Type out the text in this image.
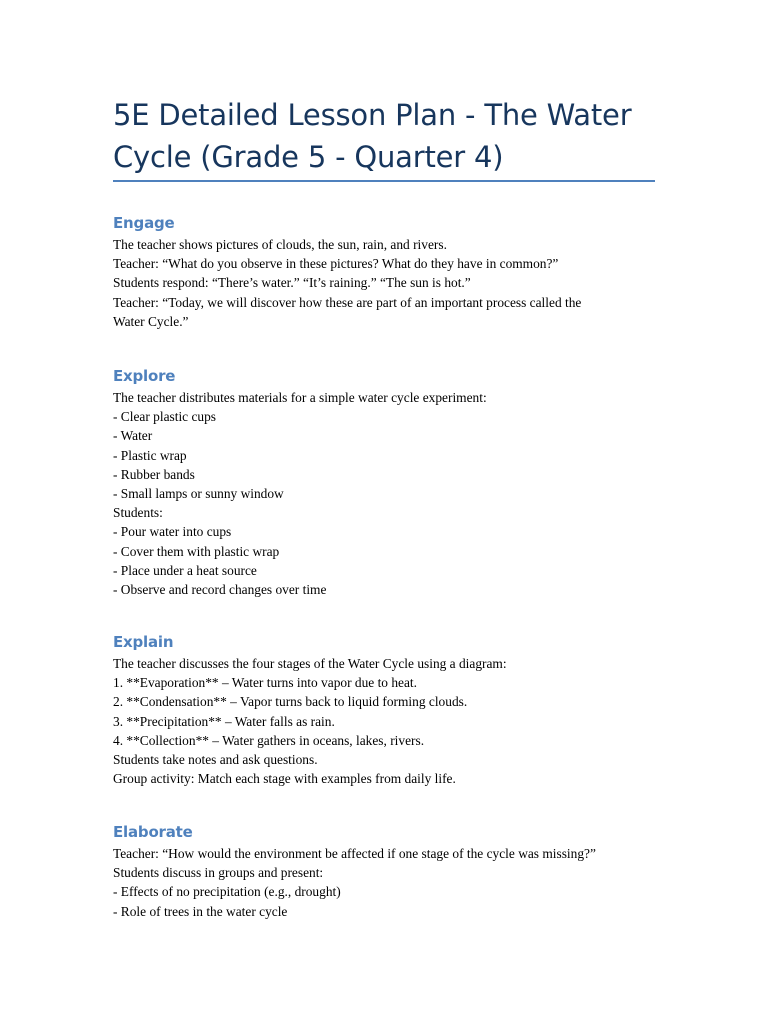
5E Detailed Lesson Plan - The Water
Cycle (Grade 5 - Quarter 4)
Engage
The teacher shows pictures of clouds, the sun, rain, and rivers.
Teacher: “What do you observe in these pictures? What do they have in common?”
Students respond: “There’s water.” “It’s raining.” “The sun is hot.”
Teacher: “Today, we will discover how these are part of an important process called the
Water Cycle.”
Explore
The teacher distributes materials for a simple water cycle experiment:
- Clear plastic cups
- Water
- Plastic wrap
- Rubber bands
- Small lamps or sunny window
Students:
- Pour water into cups
- Cover them with plastic wrap
- Place under a heat source
- Observe and record changes over time
Explain
The teacher discusses the four stages of the Water Cycle using a diagram:
1. **Evaporation** – Water turns into vapor due to heat.
2. **Condensation** – Vapor turns back to liquid forming clouds.
3. **Precipitation** – Water falls as rain.
4. **Collection** – Water gathers in oceans, lakes, rivers.
Students take notes and ask questions.
Group activity: Match each stage with examples from daily life.
Elaborate
Teacher: “How would the environment be affected if one stage of the cycle was missing?”
Students discuss in groups and present:
- Effects of no precipitation (e.g., drought)
- Role of trees in the water cycle
